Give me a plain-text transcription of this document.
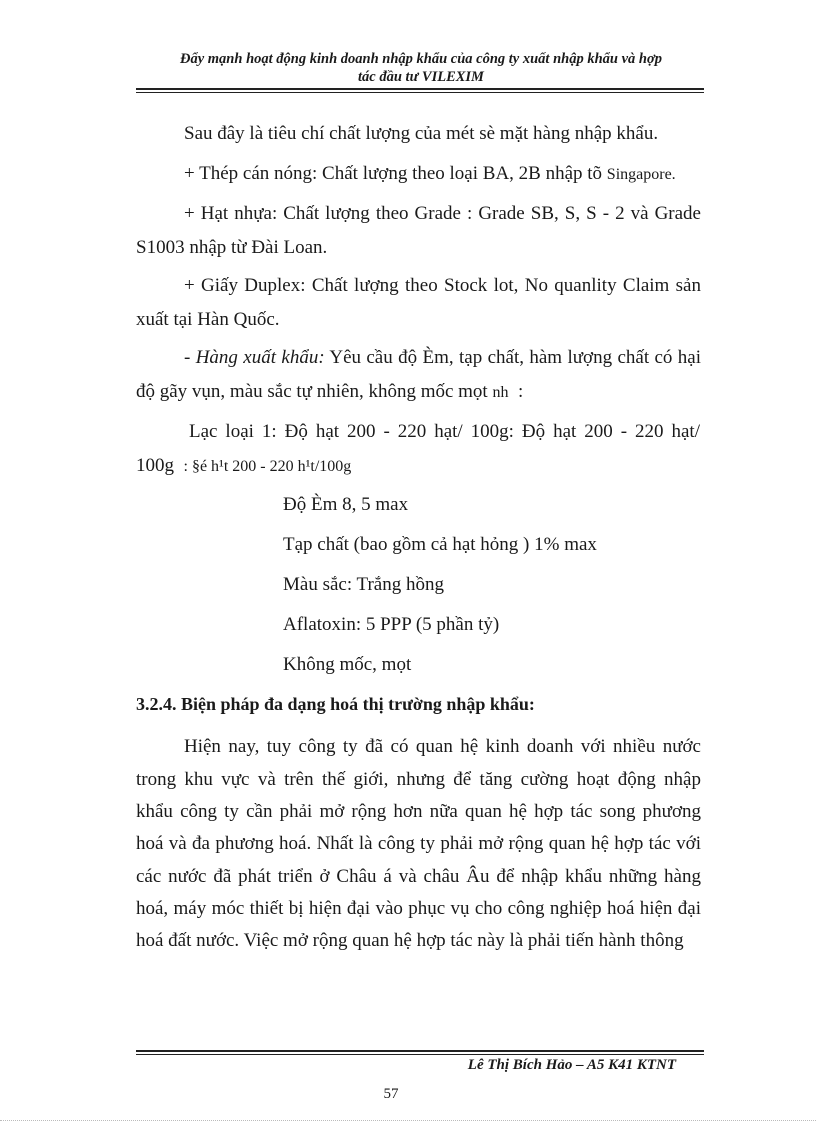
Đẩy mạnh hoạt động kinh doanh nhập khẩu của công ty xuất nhập khẩu và hợp
tác đầu tư VILEXIM

Sau đây là tiêu chí chất lượng của mét sè mặt hàng nhập khẩu.

+ Thép cán nóng: Chất lượng theo loại BA, 2B nhập tõ Singapore.

+ Hạt nhựa: Chất lượng theo Grade : Grade SB, S, S - 2 và Grade

S1003 nhập từ Đài Loan.

+ Giấy Duplex: Chất lượng theo Stock lot, No quanlity Claim sản

xuất tại Hàn Quốc.

- Hàng xuất khẩu: Yêu cầu độ Èm, tạp chất, hàm lượng chất có hại

độ gãy vụn, màu sắc tự nhiên, không mốc mọt nh :

Lạc loại 1: Độ hạt 200 - 220 hạt/ 100g: Độ hạt 200 - 220 hạt/

100g : §é h¹t 200 - 220 h¹t/100g

Độ Èm 8, 5 max

Tạp chất (bao gồm cả hạt hỏng ) 1% max

Màu sắc: Trắng hồng

Aflatoxin: 5 PPP (5 phần tỷ)

Không mốc, mọt

3.2.4. Biện pháp đa dạng hoá thị trường nhập khẩu:

Hiện nay, tuy công ty đã có quan hệ kinh doanh với nhiều nước

trong khu vực và trên thế giới, nhưng để tăng cường hoạt động nhập

khẩu công ty cần phải mở rộng hơn nữa quan hệ hợp tác song phương

hoá và đa phương hoá. Nhất là công ty phải mở rộng quan hệ hợp tác với

các nước đã phát triển ở Châu á và châu Âu để nhập khẩu những hàng

hoá, máy móc thiết bị hiện đại vào phục vụ cho công nghiệp hoá hiện đại

hoá đất nước. Việc mở rộng quan hệ hợp tác này là phải tiến hành thông

Lê Thị Bích Hảo – A5 K41 KTNT

57
